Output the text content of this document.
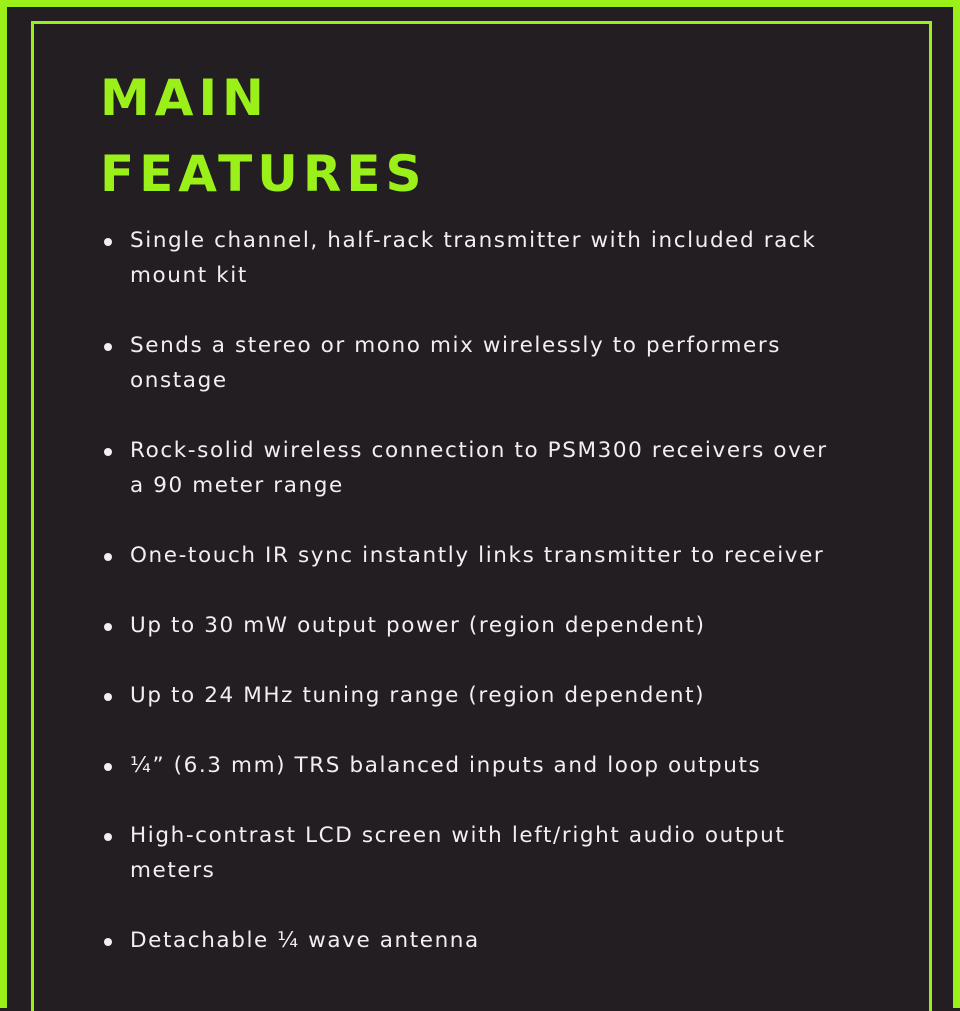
MAIN
FEATURES
Single channel, half-rack transmitter with included rack mount kit
Sends a stereo or mono mix wirelessly to performers onstage
Rock-solid wireless connection to PSM300 receivers over a 90 meter range
One-touch IR sync instantly links transmitter to receiver
Up to 30 mW output power (region dependent)
Up to 24 MHz tuning range (region dependent)
¼” (6.3 mm) TRS balanced inputs and loop outputs
High-contrast LCD screen with left/right audio output meters
Detachable ¼ wave antenna
